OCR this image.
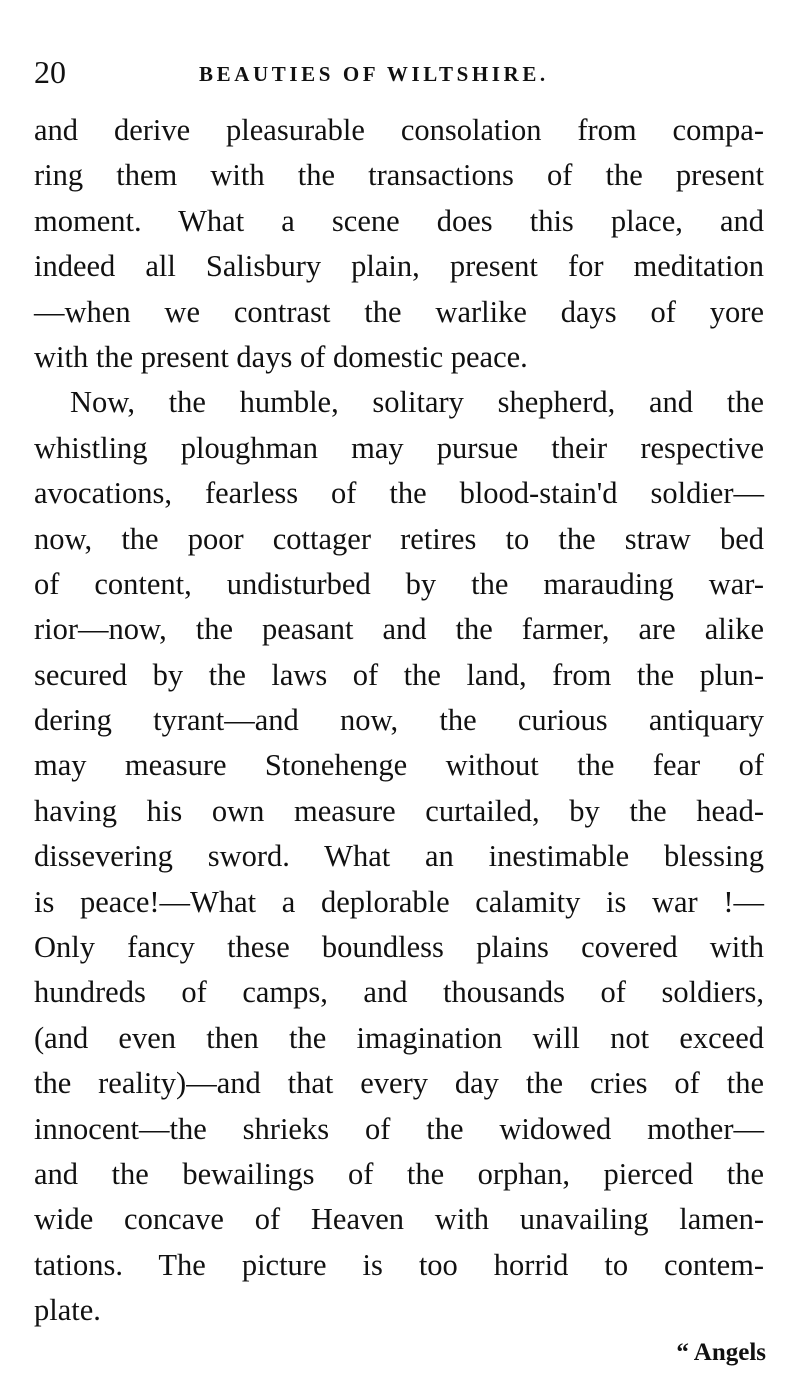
20	BEAUTIES OF WILTSHIRE.
and derive pleasurable consolation from compa-
ring them with the transactions of the present
moment. What a scene does this place, and
indeed all Salisbury plain, present for meditation
—when we contrast the warlike days of yore
with the present days of domestic peace.
Now, the humble, solitary shepherd, and the
whistling ploughman may pursue their respective
avocations, fearless of the blood-stain'd soldier—
now, the poor cottager retires to the straw bed
of content, undisturbed by the marauding war-
rior—now, the peasant and the farmer, are alike
secured by the laws of the land, from the plun-
dering tyrant—and now, the curious antiquary
may measure Stonehenge without the fear of
having his own measure curtailed, by the head-
dissevering sword. What an inestimable blessing
is peace!—What a deplorable calamity is war !—
Only fancy these boundless plains covered with
hundreds of camps, and thousands of soldiers,
(and even then the imagination will not exceed
the reality)—and that every day the cries of the
innocent—the shrieks of the widowed mother—
and the bewailings of the orphan, pierced the
wide concave of Heaven with unavailing lamen-
tations. The picture is too horrid to contem-
plate.
“ Angels
